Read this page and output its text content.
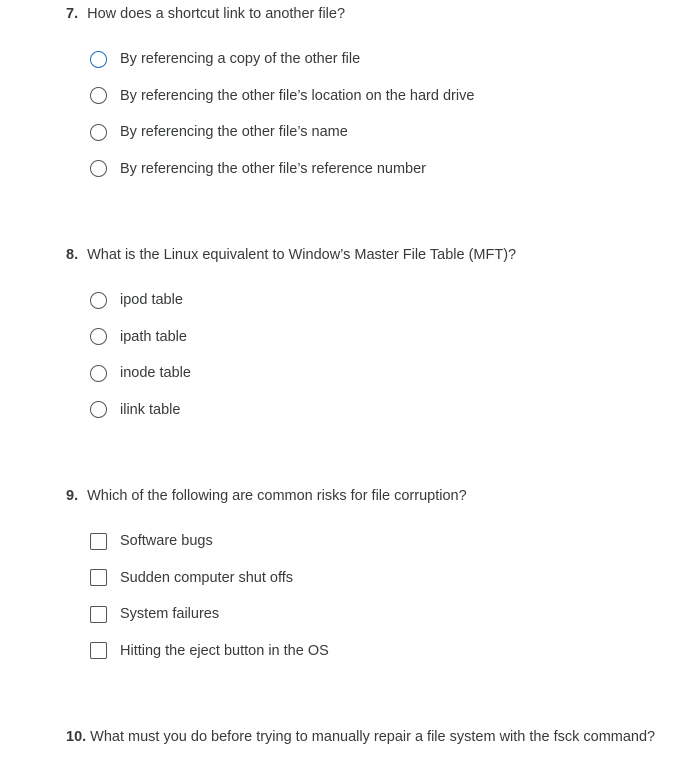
7. How does a shortcut link to another file?
By referencing a copy of the other file
By referencing the other file’s location on the hard drive
By referencing the other file’s name
By referencing the other file’s reference number
8. What is the Linux equivalent to Window’s Master File Table (MFT)?
ipod table
ipath table
inode table
ilink table
9. Which of the following are common risks for file corruption?
Software bugs
Sudden computer shut offs
System failures
Hitting the eject button in the OS
10. What must you do before trying to manually repair a file system with the fsck command?
